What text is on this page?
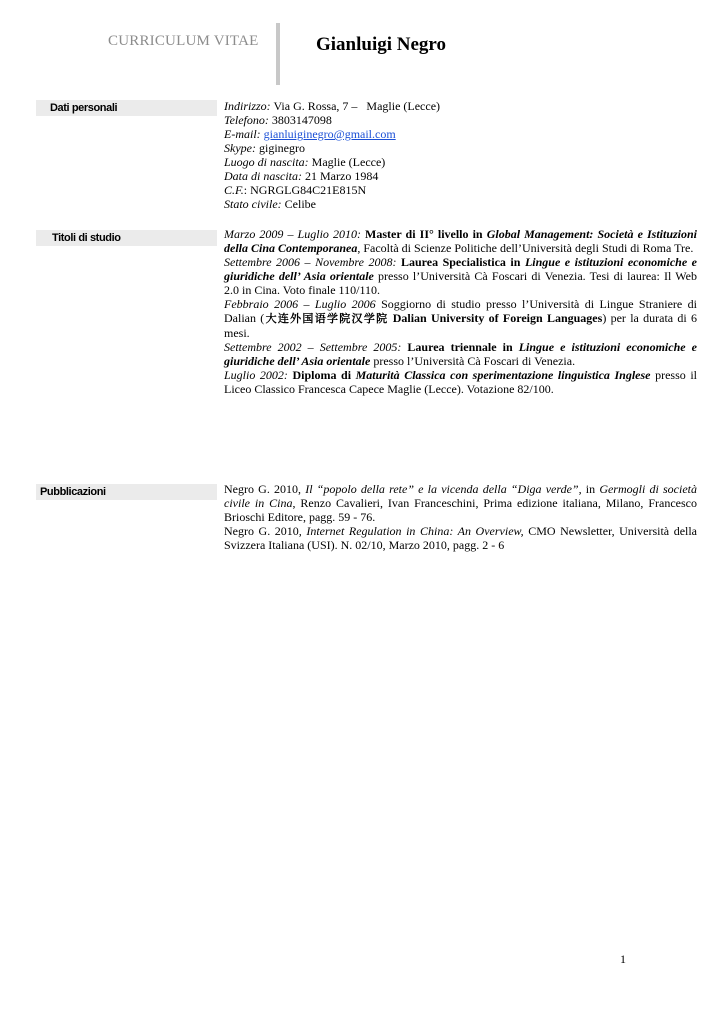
CURRICULUM VITAE	Gianluigi Negro
Dati personali	Indirizzo: Via G. Rossa, 7 –   Maglie (Lecce)

Telefono: 3803147098

E-mail: gianluiginegro@gmail.com

Skype: giginegro

Luogo di nascita: Maglie (Lecce)

Data di nascita: 21 Marzo 1984

C.F.: NGRGLG84C21E815N

Stato civile: Celibe

Titoli di studio	Marzo 2009 – Luglio 2010: Master di II° livello in Global Management: Società e Istituzioni della Cina Contemporanea, Facoltà di Scienze Politiche dell’Università degli Studi di Roma Tre.

Settembre 2006 – Novembre 2008: Laurea Specialistica in Lingue e istituzioni economiche e giuridiche dell’ Asia orientale presso l’Università Cà Foscari di Venezia. Tesi di laurea: Il Web 2.0 in Cina. Voto finale 110/110.

Febbraio 2006 – Luglio 2006 Soggiorno di studio presso l’Università di Lingue Straniere di Dalian (大连外国语学院汉学院 Dalian University of Foreign Languages) per la durata di 6 mesi.

Settembre 2002 – Settembre 2005: Laurea triennale in Lingue e istituzioni economiche e giuridiche dell’ Asia orientale presso l’Università Cà Foscari di Venezia.

Luglio 2002: Diploma di Maturità Classica con sperimentazione linguistica Inglese presso il Liceo Classico Francesca Capece Maglie (Lecce). Votazione 82/100.

Pubblicazioni	Negro G. 2010, Il “popolo della rete” e la vicenda della “Diga verde”, in Germogli di società civile in Cina, Renzo Cavalieri, Ivan Franceschini, Prima edizione italiana, Milano, Francesco Brioschi Editore, pagg. 59 - 76.

Negro G. 2010, Internet Regulation in China: An Overview, CMO Newsletter, Università della Svizzera Italiana (USI). N. 02/10, Marzo 2010, pagg. 2 - 6

1
